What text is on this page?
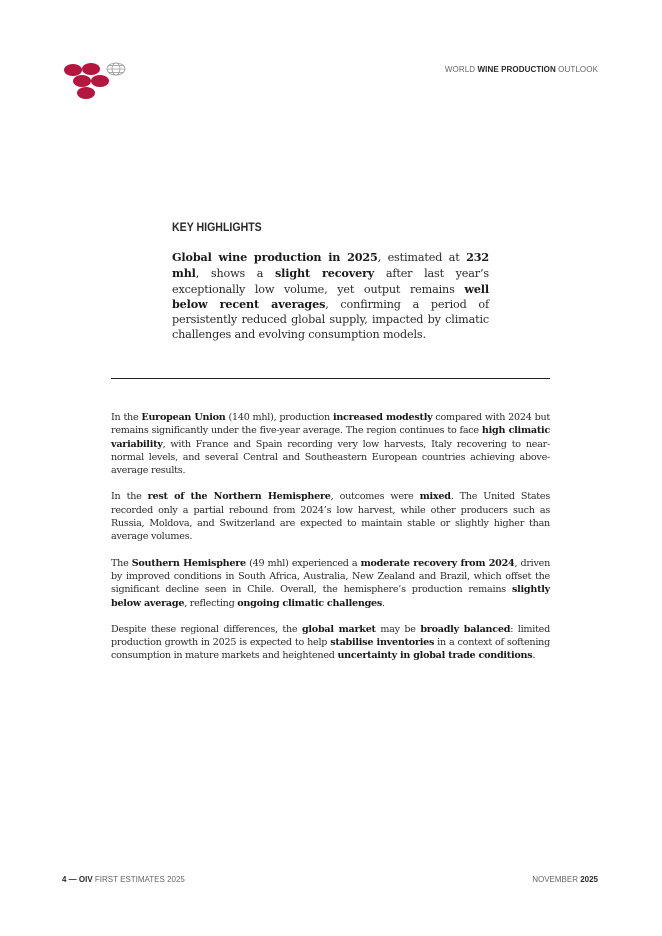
WORLD WINE PRODUCTION OUTLOOK
KEY HIGHLIGHTS

Global wine production in 2025, estimated at 232 mhl, shows a slight recovery after last year’s exceptionally low volume, yet output remains well below recent averages, confirming a period of persistently reduced global supply, impacted by climatic challenges and evolving consumption models.

In the European Union (140 mhl), production increased modestly compared with 2024 but remains significantly under the five-year average. The region continues to face high climatic variability, with France and Spain recording very low harvests, Italy recovering to near-normal levels, and several Central and Southeastern European countries achieving above-average results.

In the rest of the Northern Hemisphere, outcomes were mixed. The United States recorded only a partial rebound from 2024’s low harvest, while other producers such as Russia, Moldova, and Switzerland are expected to maintain stable or slightly higher than average volumes.

The Southern Hemisphere (49 mhl) experienced a moderate recovery from 2024, driven by improved conditions in South Africa, Australia, New Zealand and Brazil, which offset the significant decline seen in Chile. Overall, the hemisphere’s production remains slightly below average, reflecting ongoing climatic challenges.

Despite these regional differences, the global market may be broadly balanced: limited production growth in 2025 is expected to help stabilise inventories in a context of softening consumption in mature markets and heightened uncertainty in global trade conditions.

4 — OIV FIRST ESTIMATES 2025	NOVEMBER 2025
